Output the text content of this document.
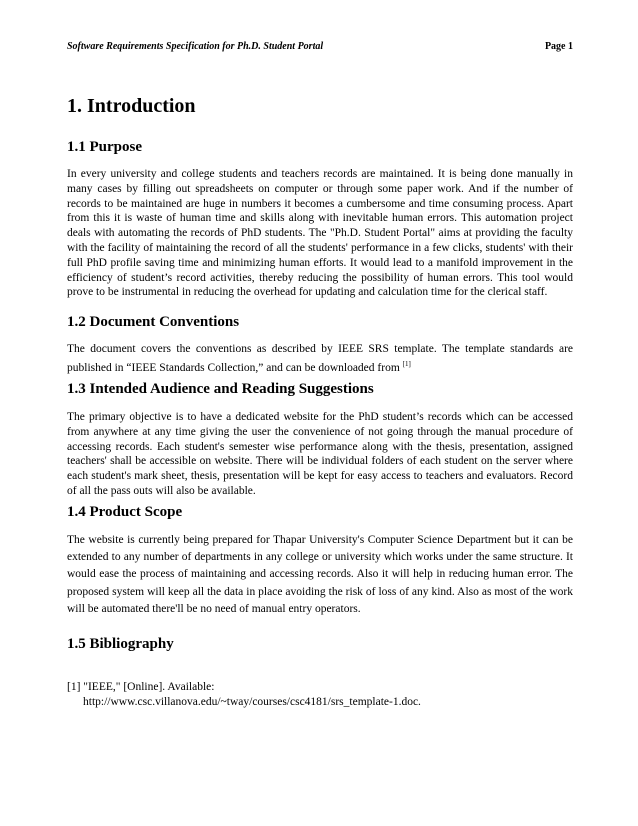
Software Requirements Specification for Ph.D. Student Portal	Page 1
1. Introduction
1.1 Purpose

In every university and college students and teachers records are maintained. It is being done manually in many cases by filling out spreadsheets on computer or through some paper work. And if the number of records to be maintained are huge in numbers it becomes a cumbersome and time consuming process. Apart from this it is waste of human time and skills along with inevitable human errors. This automation project deals with automating the records of PhD students. The "Ph.D. Student Portal" aims at providing the faculty with the facility of maintaining the record of all the students' performance in a few clicks, students' with their full PhD profile saving time and minimizing human efforts. It would lead to a manifold improvement in the efficiency of student’s record activities, thereby reducing the possibility of human errors. This tool would prove to be instrumental in reducing the overhead for updating and calculation time for the clerical staff.

1.2 Document Conventions

The document covers the conventions as described by IEEE SRS template. The template standards are published in “IEEE Standards Collection,” and can be downloaded from [1]

1.3 Intended Audience and Reading Suggestions

The primary objective is to have a dedicated website for the PhD student’s records which can be accessed from anywhere at any time giving the user the convenience of not going through the manual procedure of accessing records. Each student's semester wise performance along with the thesis, presentation, assigned teachers' shall be accessible on website. There will be individual folders of each student on the server where each student's mark sheet, thesis, presentation will be kept for easy access to teachers and evaluators. Record of all the pass outs will also be available.

1.4 Product Scope

The website is currently being prepared for Thapar University's Computer Science Department but it can be extended to any number of departments in any college or university which works under the same structure. It would ease the process of maintaining and accessing records. Also it will help in reducing human error. The proposed system will keep all the data in place avoiding the risk of loss of any kind. Also as most of the work will be automated there'll be no need of manual entry operators.

1.5 Bibliography
[1] "IEEE," [Online]. Available:
http://www.csc.villanova.edu/~tway/courses/csc4181/srs_template-1.doc.
